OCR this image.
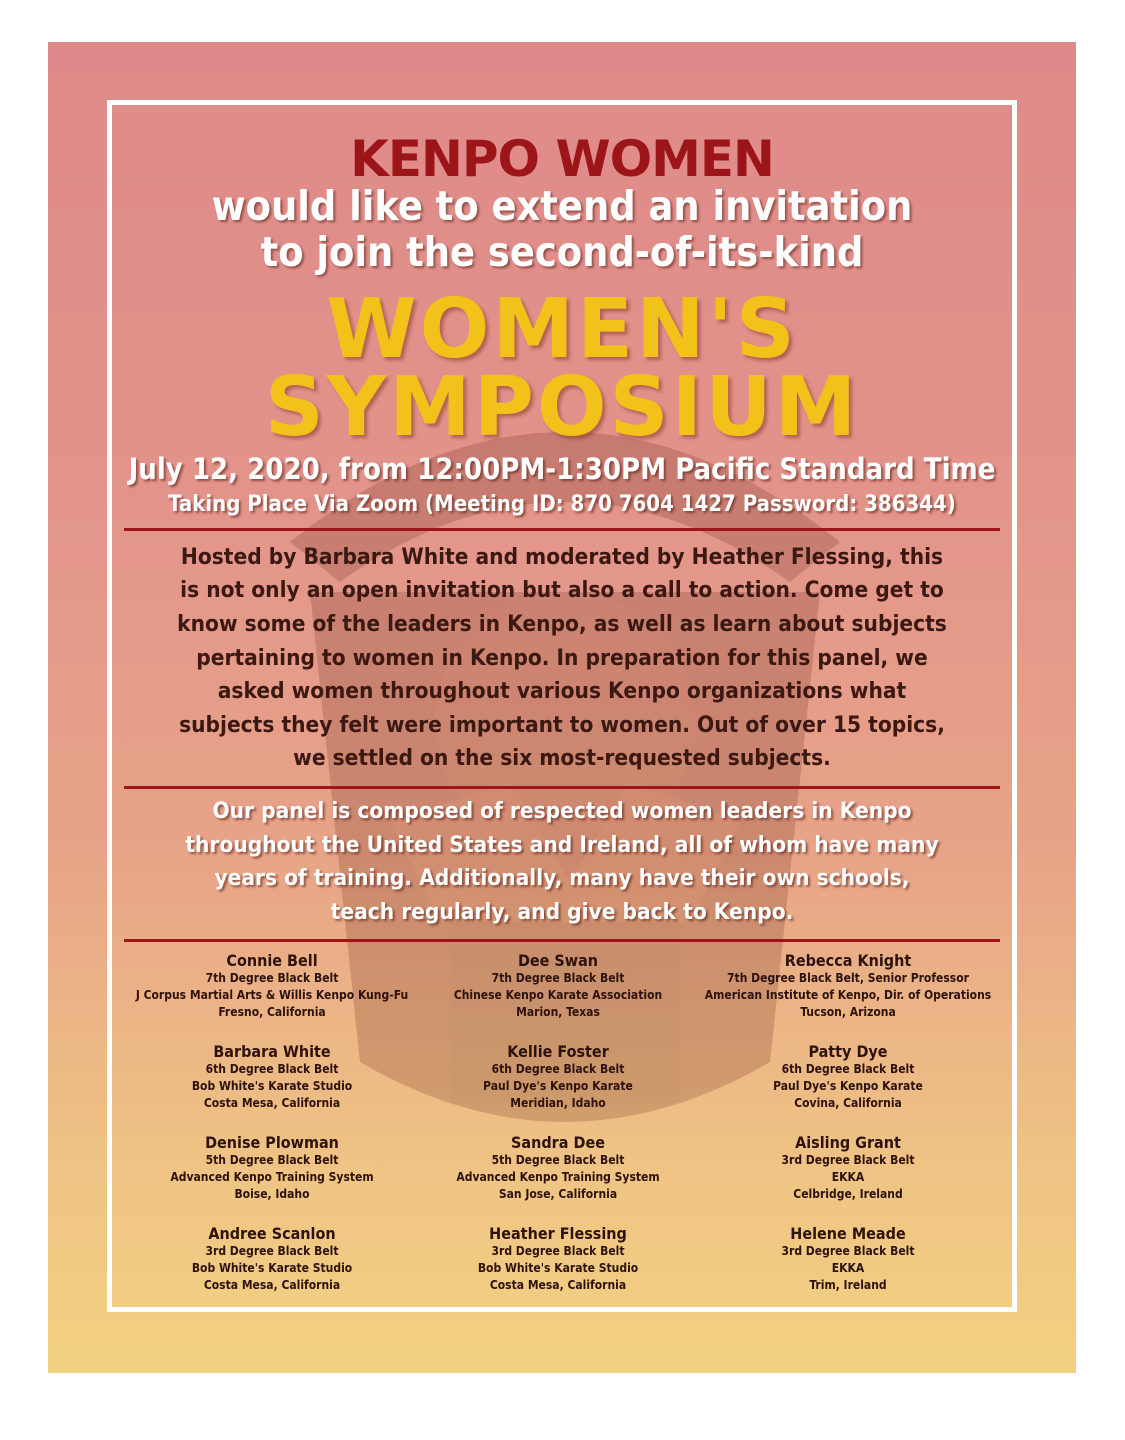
KENPO WOMEN
would like to extend an invitation
to join the second-of-its-kind
WOMEN'S
SYMPOSIUM
July 12, 2020, from 12:00PM-1:30PM Pacific Standard Time
Taking Place Via Zoom (Meeting ID: 870 7604 1427 Password: 386344)
Hosted by Barbara White and moderated by Heather Flessing, this
is not only an open invitation but also a call to action. Come get to
know some of the leaders in Kenpo, as well as learn about subjects
pertaining to women in Kenpo. In preparation for this panel, we
asked women throughout various Kenpo organizations what
subjects they felt were important to women. Out of over 15 topics,
we settled on the six most-requested subjects.
Our panel is composed of respected women leaders in Kenpo
throughout the United States and Ireland, all of whom have many
years of training. Additionally, many have their own schools,
teach regularly, and give back to Kenpo.
Connie Bell
7th Degree Black Belt
J Corpus Martial Arts & Willis Kenpo Kung-Fu
Fresno, California
Barbara White
6th Degree Black Belt
Bob White's Karate Studio
Costa Mesa, California
Denise Plowman
5th Degree Black Belt
Advanced Kenpo Training System
Boise, Idaho
Andree Scanlon
3rd Degree Black Belt
Bob White's Karate Studio
Costa Mesa, California
Dee Swan
7th Degree Black Belt
Chinese Kenpo Karate Association
Marion, Texas
Kellie Foster
6th Degree Black Belt
Paul Dye's Kenpo Karate
Meridian, Idaho
Sandra Dee
5th Degree Black Belt
Advanced Kenpo Training System
San Jose, California
Heather Flessing
3rd Degree Black Belt
Bob White's Karate Studio
Costa Mesa, California
Rebecca Knight
7th Degree Black Belt, Senior Professor
American Institute of Kenpo, Dir. of Operations
Tucson, Arizona
Patty Dye
6th Degree Black Belt
Paul Dye's Kenpo Karate
Covina, California
Aisling Grant
3rd Degree Black Belt
EKKA
Celbridge, Ireland
Helene Meade
3rd Degree Black Belt
EKKA
Trim, Ireland
